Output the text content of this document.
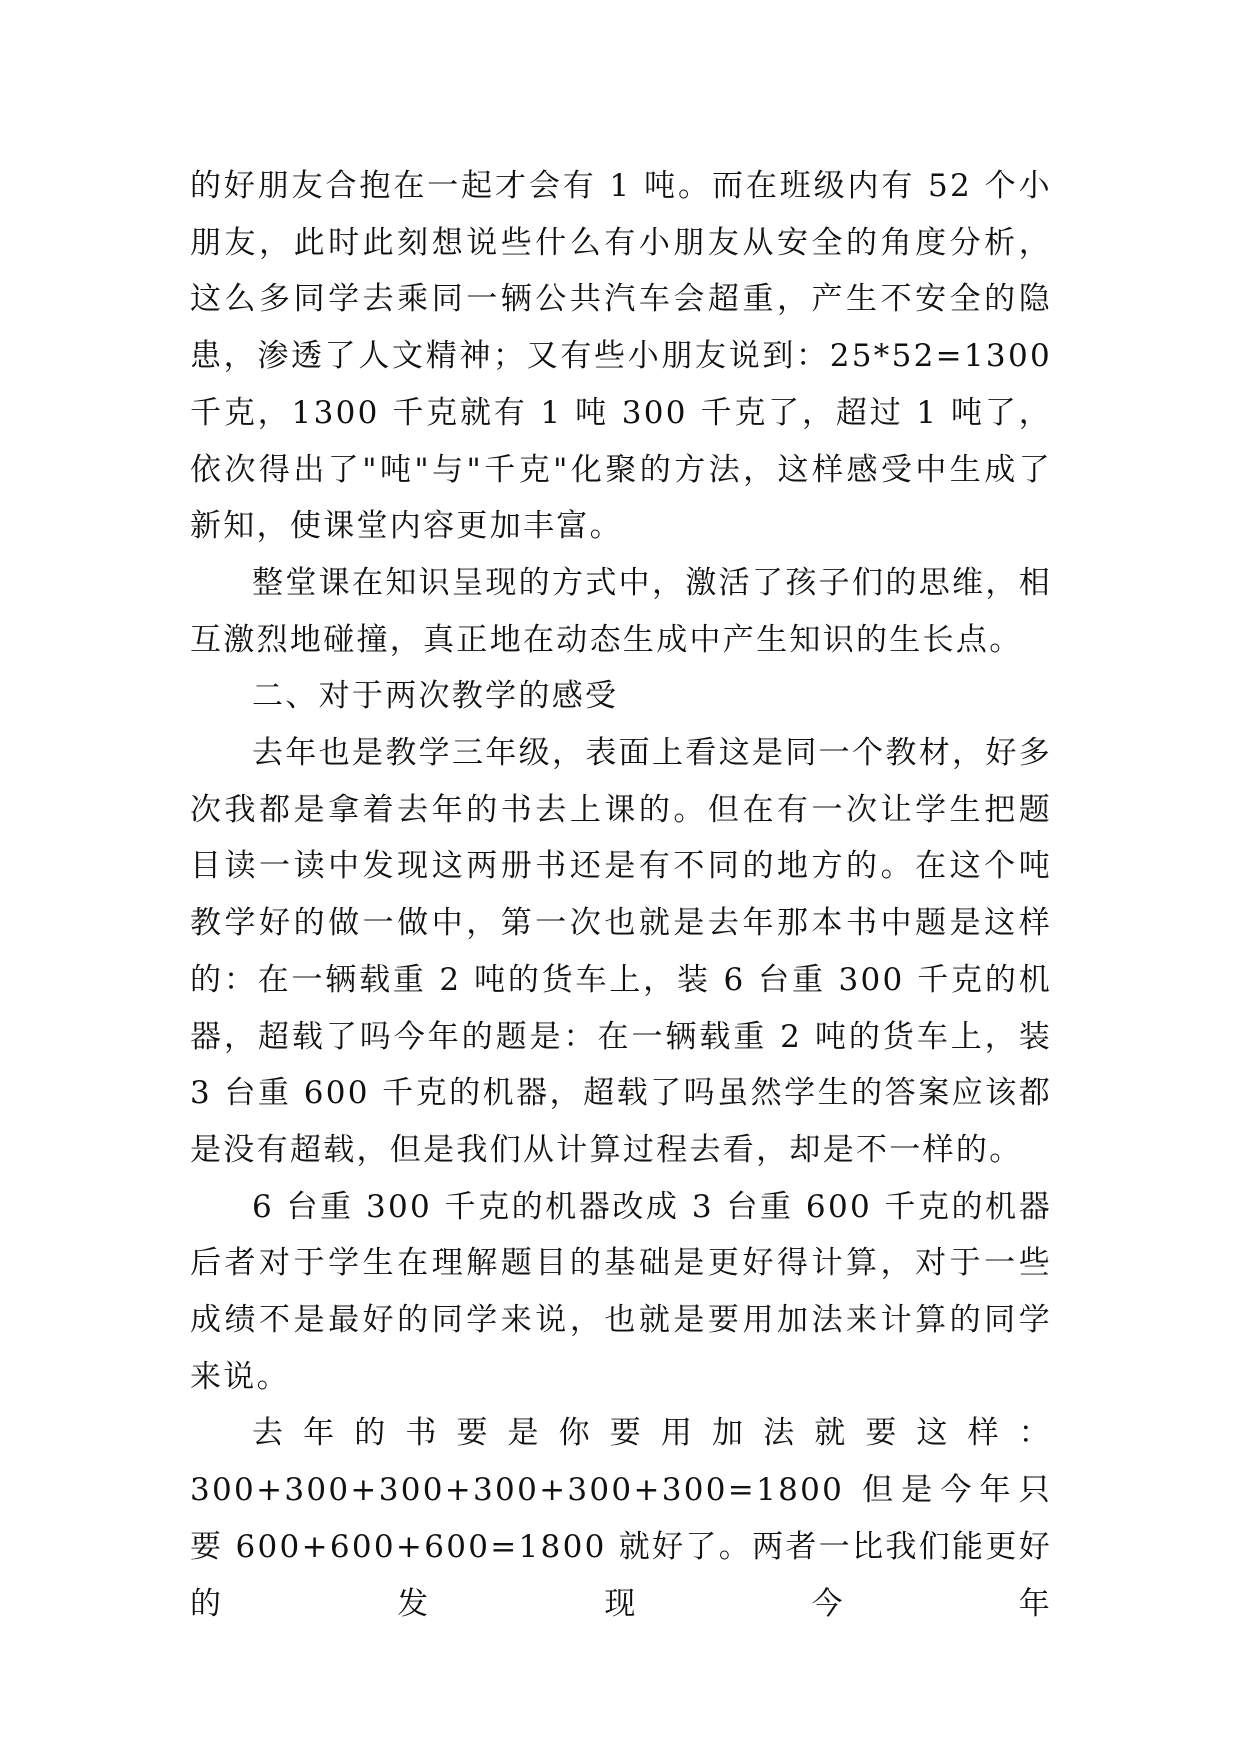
的好朋友合抱在一起才会有 1 吨。而在班级内有 52 个小朋友，此时此刻想说些什么有小朋友从安全的角度分析，这么多同学去乘同一辆公共汽车会超重，产生不安全的隐患，渗透了人文精神；又有些小朋友说到：25*52=1300 千克，1300 千克就有 1 吨 300 千克了，超过 1 吨了，依次得出了"吨"与"千克"化聚的方法，这样感受中生成了新知，使课堂内容更加丰富。

整堂课在知识呈现的方式中，激活了孩子们的思维，相互激烈地碰撞，真正地在动态生成中产生知识的生长点。

二、对于两次教学的感受

去年也是教学三年级，表面上看这是同一个教材，好多次我都是拿着去年的书去上课的。但在有一次让学生把题目读一读中发现这两册书还是有不同的地方的。在这个吨教学好的做一做中，第一次也就是去年那本书中题是这样的：在一辆载重 2 吨的货车上，装 6 台重 300 千克的机器，超载了吗今年的题是：在一辆载重 2 吨的货车上，装 3 台重 600 千克的机器，超载了吗虽然学生的答案应该都是没有超载，但是我们从计算过程去看，却是不一样的。

6 台重 300 千克的机器改成 3 台重 600 千克的机器后者对于学生在理解题目的基础是更好得计算，对于一些成绩不是最好的同学来说，也就是要用加法来计算的同学来说。

去年的书要是你要用加法就要这样：300+300+300+300+300+300=1800 但是今年只要 600+600+600=1800 就好了。两者一比我们能更好的发现今年
